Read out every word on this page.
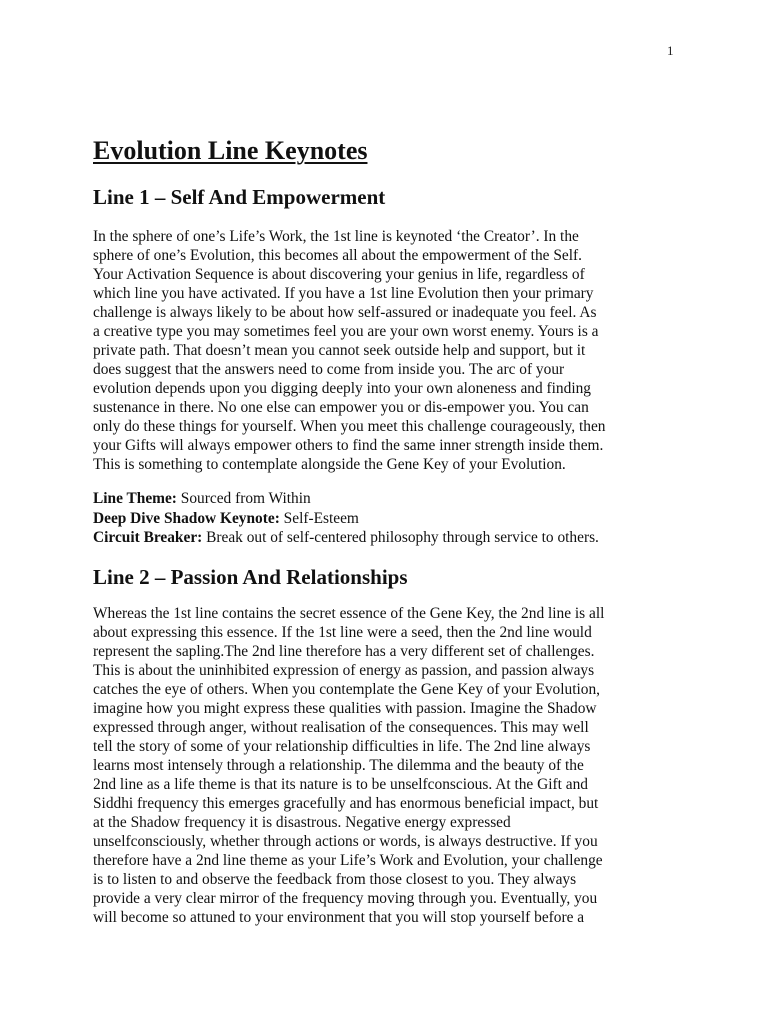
1
Evolution Line Keynotes
Line 1 – Self And Empowerment

In the sphere of one’s Life’s Work, the 1st line is keynoted ‘the Creator’. In the
sphere of one’s Evolution, this becomes all about the empowerment of the Self.
Your Activation Sequence is about discovering your genius in life, regardless of
which line you have activated. If you have a 1st line Evolution then your primary
challenge is always likely to be about how self-assured or inadequate you feel. As
a creative type you may sometimes feel you are your own worst enemy. Yours is a
private path. That doesn’t mean you cannot seek outside help and support, but it
does suggest that the answers need to come from inside you. The arc of your
evolution depends upon you digging deeply into your own aloneness and finding
sustenance in there. No one else can empower you or dis-empower you. You can
only do these things for yourself. When you meet this challenge courageously, then
your Gifts will always empower others to find the same inner strength inside them.
This is something to contemplate alongside the Gene Key of your Evolution.

Line Theme: Sourced from Within
Deep Dive Shadow Keynote: Self-Esteem
Circuit Breaker: Break out of self-centered philosophy through service to others.
Line 2 – Passion And Relationships

Whereas the 1st line contains the secret essence of the Gene Key, the 2nd line is all
about expressing this essence. If the 1st line were a seed, then the 2nd line would
represent the sapling.The 2nd line therefore has a very different set of challenges.
This is about the uninhibited expression of energy as passion, and passion always
catches the eye of others. When you contemplate the Gene Key of your Evolution,
imagine how you might express these qualities with passion. Imagine the Shadow
expressed through anger, without realisation of the consequences. This may well
tell the story of some of your relationship difficulties in life. The 2nd line always
learns most intensely through a relationship. The dilemma and the beauty of the
2nd line as a life theme is that its nature is to be unselfconscious. At the Gift and
Siddhi frequency this emerges gracefully and has enormous beneficial impact, but
at the Shadow frequency it is disastrous. Negative energy expressed
unselfconsciously, whether through actions or words, is always destructive. If you
therefore have a 2nd line theme as your Life’s Work and Evolution, your challenge
is to listen to and observe the feedback from those closest to you. They always
provide a very clear mirror of the frequency moving through you. Eventually, you
will become so attuned to your environment that you will stop yourself before a
